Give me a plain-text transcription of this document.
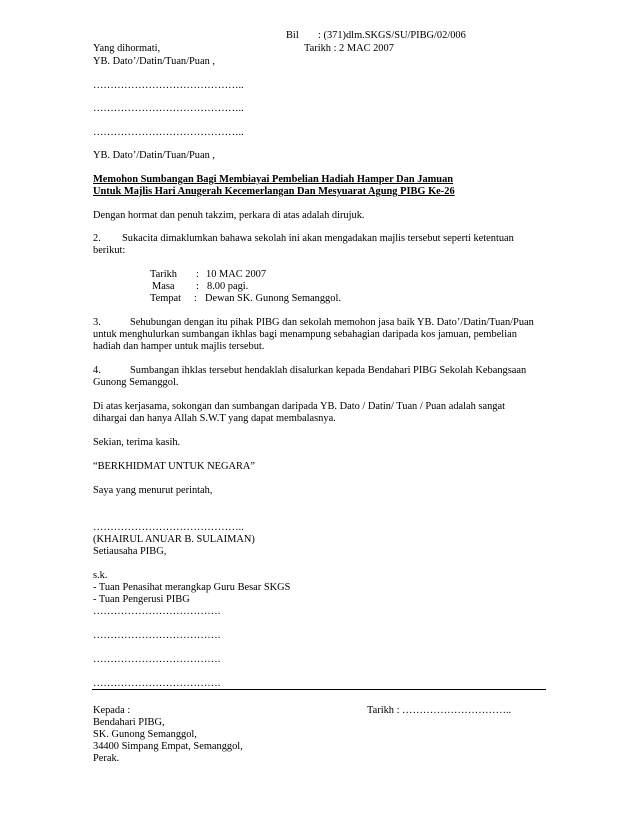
Bil : (371)dlm.SKGS/SU/PIBG/02/006
Yang dihormati,	Tarikh : 2 MAC 2007
YB. Dato’/Datin/Tuan/Puan ,
……………………………………..
……………………………………..
……………………………………..
YB. Dato’/Datin/Tuan/Puan ,
Memohon Sumbangan Bagi Membiayai Pembelian Hadiah Hamper Dan Jamuan
Untuk Majlis Hari Anugerah Kecemerlangan Dan Mesyuarat Agung PIBG Ke-26
Dengan hormat dan penuh takzim, perkara di atas adalah dirujuk.
2. Sukacita dimaklumkan bahawa sekolah ini akan mengadakan majlis tersebut seperti ketentuan
berikut:
Tarikh : 10 MAC 2007
Masa : 8.00 pagi.
Tempat : Dewan SK. Gunong Semanggol.
3.	Sehubungan dengan itu pihak PIBG dan sekolah memohon jasa baik YB. Dato’/Datin/Tuan/Puan
untuk menghulurkan sumbangan ikhlas bagi menampung sebahagian daripada kos jamuan, pembelian
hadiah dan hamper untuk majlis tersebut.
4.	Sumbangan ihklas tersebut hendaklah disalurkan kepada Bendahari PIBG Sekolah Kebangsaan
Gunong Semanggol.
Di atas kerjasama, sokongan dan sumbangan daripada YB. Dato / Datin/ Tuan / Puan adalah sangat
dihargai dan hanya Allah S.W.T yang dapat membalasnya.
Sekian, terima kasih.
“BERKHIDMAT UNTUK NEGARA”
Saya yang menurut perintah,
……………………………………..
(KHAIRUL ANUAR B. SULAIMAN)
Setiausaha PIBG,
s.k.
- Tuan Penasihat merangkap Guru Besar SKGS
- Tuan Pengerusi PIBG
……………………………….
……………………………….
……………………………….
……………………………….
Kepada :	Tarikh : …………………………..
Bendahari PIBG,
SK. Gunong Semanggol,
34400 Simpang Empat, Semanggol,
Perak.
